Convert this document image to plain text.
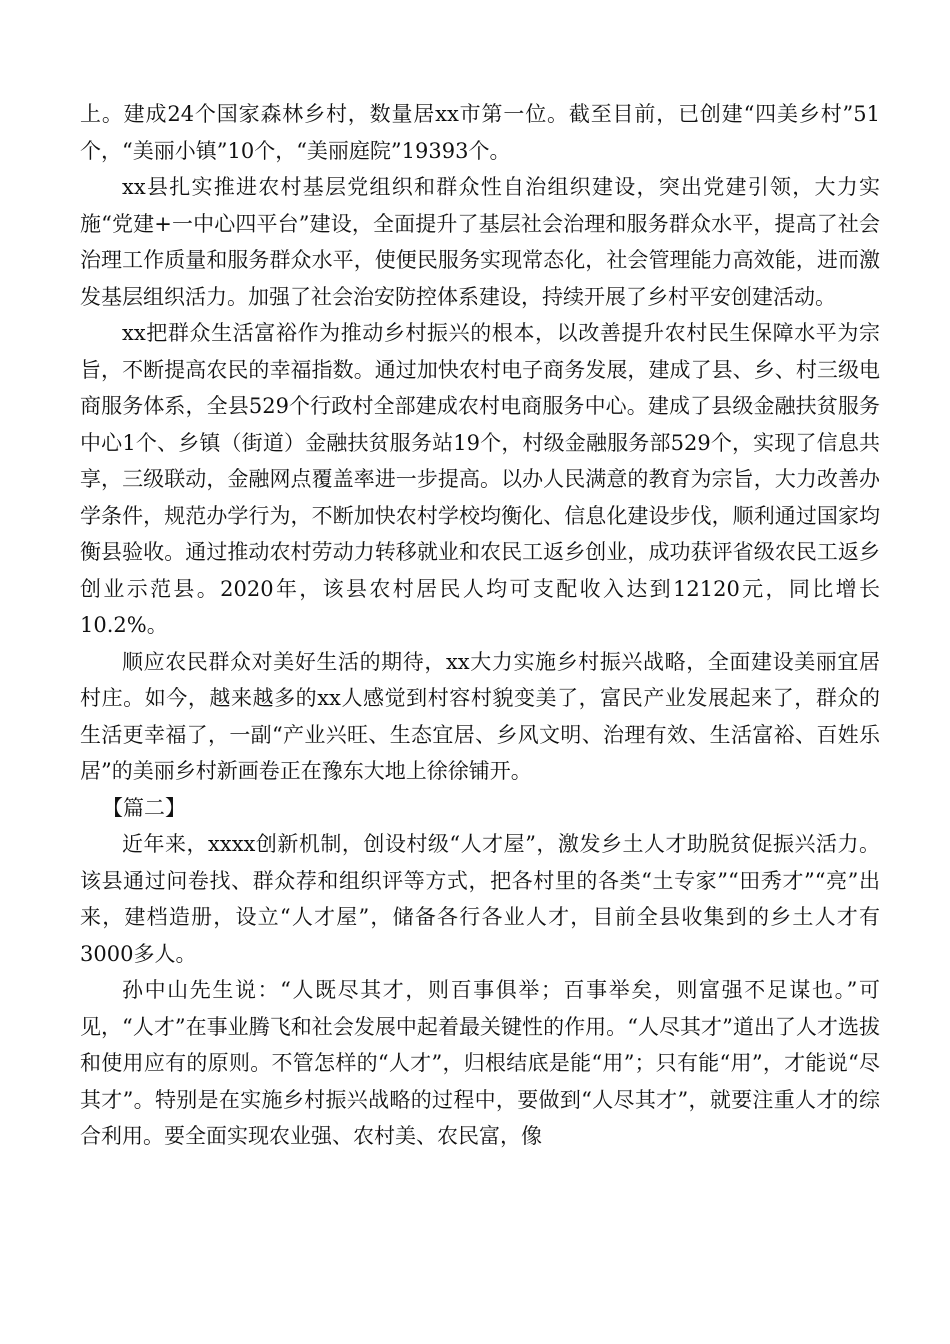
上。建成24个国家森林乡村，数量居xx市第一位。截至目前，已创建“四美乡村”51个，“美丽小镇”10个，“美丽庭院”19393个。

xx县扎实推进农村基层党组织和群众性自治组织建设，突出党建引领，大力实施“党建+一中心四平台”建设，全面提升了基层社会治理和服务群众水平，提高了社会治理工作质量和服务群众水平，使便民服务实现常态化，社会管理能力高效能，进而激发基层组织活力。加强了社会治安防控体系建设，持续开展了乡村平安创建活动。

xx把群众生活富裕作为推动乡村振兴的根本，以改善提升农村民生保障水平为宗旨，不断提高农民的幸福指数。通过加快农村电子商务发展，建成了县、乡、村三级电商服务体系，全县529个行政村全部建成农村电商服务中心。建成了县级金融扶贫服务中心1个、乡镇（街道）金融扶贫服务站19个，村级金融服务部529个，实现了信息共享，三级联动，金融网点覆盖率进一步提高。以办人民满意的教育为宗旨，大力改善办学条件，规范办学行为，不断加快农村学校均衡化、信息化建设步伐，顺利通过国家均衡县验收。通过推动农村劳动力转移就业和农民工返乡创业，成功获评省级农民工返乡创业示范县。2020年，该县农村居民人均可支配收入达到12120元，同比增长10.2%。

顺应农民群众对美好生活的期待，xx大力实施乡村振兴战略，全面建设美丽宜居村庄。如今，越来越多的xx人感觉到村容村貌变美了，富民产业发展起来了，群众的生活更幸福了，一副“产业兴旺、生态宜居、乡风文明、治理有效、生活富裕、百姓乐居”的美丽乡村新画卷正在豫东大地上徐徐铺开。

【篇二】

近年来，xxxx创新机制，创设村级“人才屋”，激发乡土人才助脱贫促振兴活力。该县通过问卷找、群众荐和组织评等方式，把各村里的各类“土专家”“田秀才”“亮”出来，建档造册，设立“人才屋”，储备各行各业人才，目前全县收集到的乡土人才有3000多人。

孙中山先生说：“人既尽其才，则百事俱举；百事举矣，则富强不足谋也。”可见，“人才”在事业腾飞和社会发展中起着最关键性的作用。“人尽其才”道出了人才选拔和使用应有的原则。不管怎样的“人才”，归根结底是能“用”；只有能“用”，才能说“尽其才”。特别是在实施乡村振兴战略的过程中，要做到“人尽其才”，就要注重人才的综合利用。要全面实现农业强、农村美、农民富，像
